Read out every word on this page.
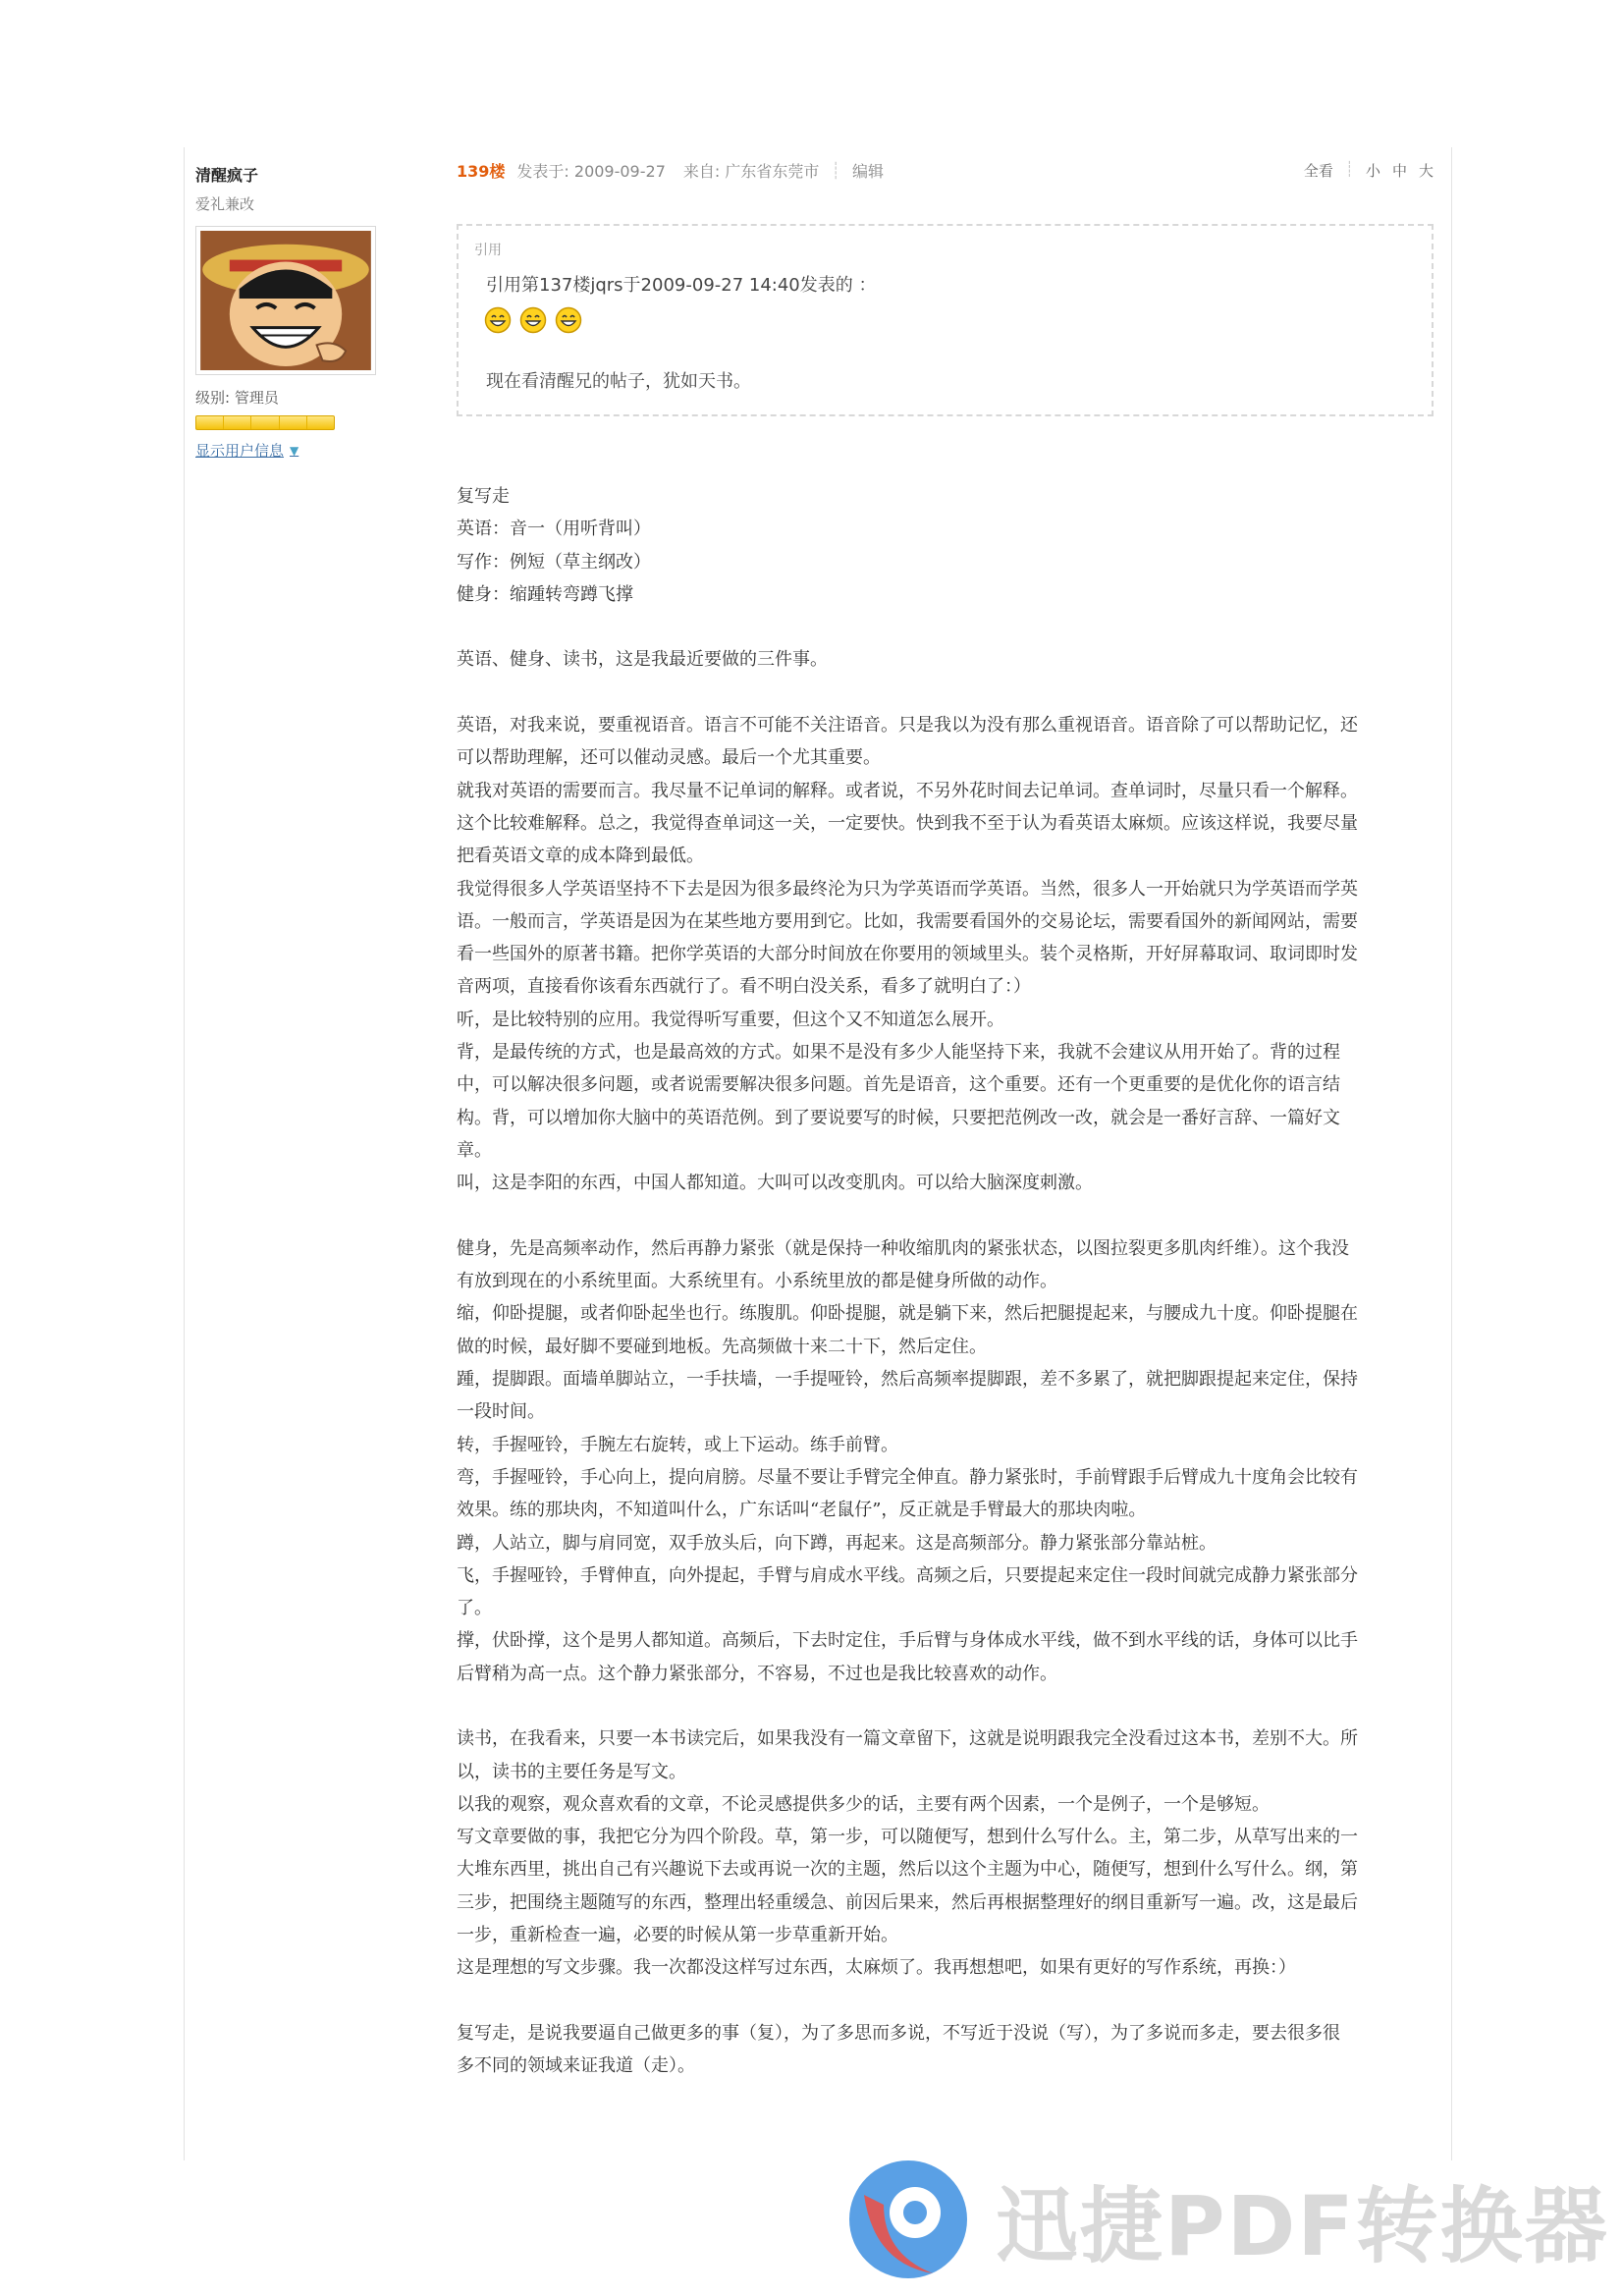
清醒疯子
爱礼兼改
级别: 管理员
显示用户信息 ▼
139楼 发表于: 2009-09-27 来自: 广东省东莞市 ┊ 编辑	全看 ┊ 小 中 大
引用
引用第137楼jqrs于2009-09-27 14:40发表的 ：
现在看清醒兄的帖子，犹如天书。

复写走

英语：音一（用听背叫）

写作：例短（草主纲改）

健身：缩踵转弯蹲飞撑

英语、健身、读书，这是我最近要做的三件事。

英语，对我来说，要重视语音。语言不可能不关注语音。只是我以为没有那么重视语音。语音除了可以帮助记忆，还

可以帮助理解，还可以催动灵感。最后一个尤其重要。

就我对英语的需要而言。我尽量不记单词的解释。或者说，不另外花时间去记单词。查单词时，尽量只看一个解释。

这个比较难解释。总之，我觉得查单词这一关，一定要快。快到我不至于认为看英语太麻烦。应该这样说，我要尽量

把看英语文章的成本降到最低。

我觉得很多人学英语坚持不下去是因为很多最终沦为只为学英语而学英语。当然，很多人一开始就只为学英语而学英

语。一般而言，学英语是因为在某些地方要用到它。比如，我需要看国外的交易论坛，需要看国外的新闻网站，需要

看一些国外的原著书籍。把你学英语的大部分时间放在你要用的领域里头。装个灵格斯，开好屏幕取词、取词即时发

音两项，直接看你该看东西就行了。看不明白没关系，看多了就明白了：）

听，是比较特别的应用。我觉得听写重要，但这个又不知道怎么展开。

背，是最传统的方式，也是最高效的方式。如果不是没有多少人能坚持下来，我就不会建议从用开始了。背的过程

中，可以解决很多问题，或者说需要解决很多问题。首先是语音，这个重要。还有一个更重要的是优化你的语言结

构。背，可以增加你大脑中的英语范例。到了要说要写的时候，只要把范例改一改，就会是一番好言辞、一篇好文

章。

叫，这是李阳的东西，中国人都知道。大叫可以改变肌肉。可以给大脑深度刺激。

健身，先是高频率动作，然后再静力紧张（就是保持一种收缩肌肉的紧张状态，以图拉裂更多肌肉纤维）。这个我没

有放到现在的小系统里面。大系统里有。小系统里放的都是健身所做的动作。

缩，仰卧提腿，或者仰卧起坐也行。练腹肌。仰卧提腿，就是躺下来，然后把腿提起来，与腰成九十度。仰卧提腿在

做的时候，最好脚不要碰到地板。先高频做十来二十下，然后定住。

踵，提脚跟。面墙单脚站立，一手扶墙，一手提哑铃，然后高频率提脚跟，差不多累了，就把脚跟提起来定住，保持

一段时间。

转，手握哑铃，手腕左右旋转，或上下运动。练手前臂。

弯，手握哑铃，手心向上，提向肩膀。尽量不要让手臂完全伸直。静力紧张时，手前臂跟手后臂成九十度角会比较有

效果。练的那块肉，不知道叫什么，广东话叫“老鼠仔”，反正就是手臂最大的那块肉啦。

蹲，人站立，脚与肩同宽，双手放头后，向下蹲，再起来。这是高频部分。静力紧张部分靠站桩。

飞，手握哑铃，手臂伸直，向外提起，手臂与肩成水平线。高频之后，只要提起来定住一段时间就完成静力紧张部分

了。

撑，伏卧撑，这个是男人都知道。高频后，下去时定住，手后臂与身体成水平线，做不到水平线的话，身体可以比手

后臂稍为高一点。这个静力紧张部分，不容易，不过也是我比较喜欢的动作。

读书，在我看来，只要一本书读完后，如果我没有一篇文章留下，这就是说明跟我完全没看过这本书，差别不大。所

以，读书的主要任务是写文。

以我的观察，观众喜欢看的文章，不论灵感提供多少的话，主要有两个因素，一个是例子，一个是够短。

写文章要做的事，我把它分为四个阶段。草，第一步，可以随便写，想到什么写什么。主，第二步，从草写出来的一

大堆东西里，挑出自己有兴趣说下去或再说一次的主题，然后以这个主题为中心，随便写，想到什么写什么。纲，第

三步，把围绕主题随写的东西，整理出轻重缓急、前因后果来，然后再根据整理好的纲目重新写一遍。改，这是最后

一步，重新检查一遍，必要的时候从第一步草重新开始。

这是理想的写文步骤。我一次都没这样写过东西，太麻烦了。我再想想吧，如果有更好的写作系统，再换：）

复写走，是说我要逼自己做更多的事（复），为了多思而多说，不写近于没说（写），为了多说而多走，要去很多很

多不同的领域来证我道（走）。

迅捷PDF转换器
